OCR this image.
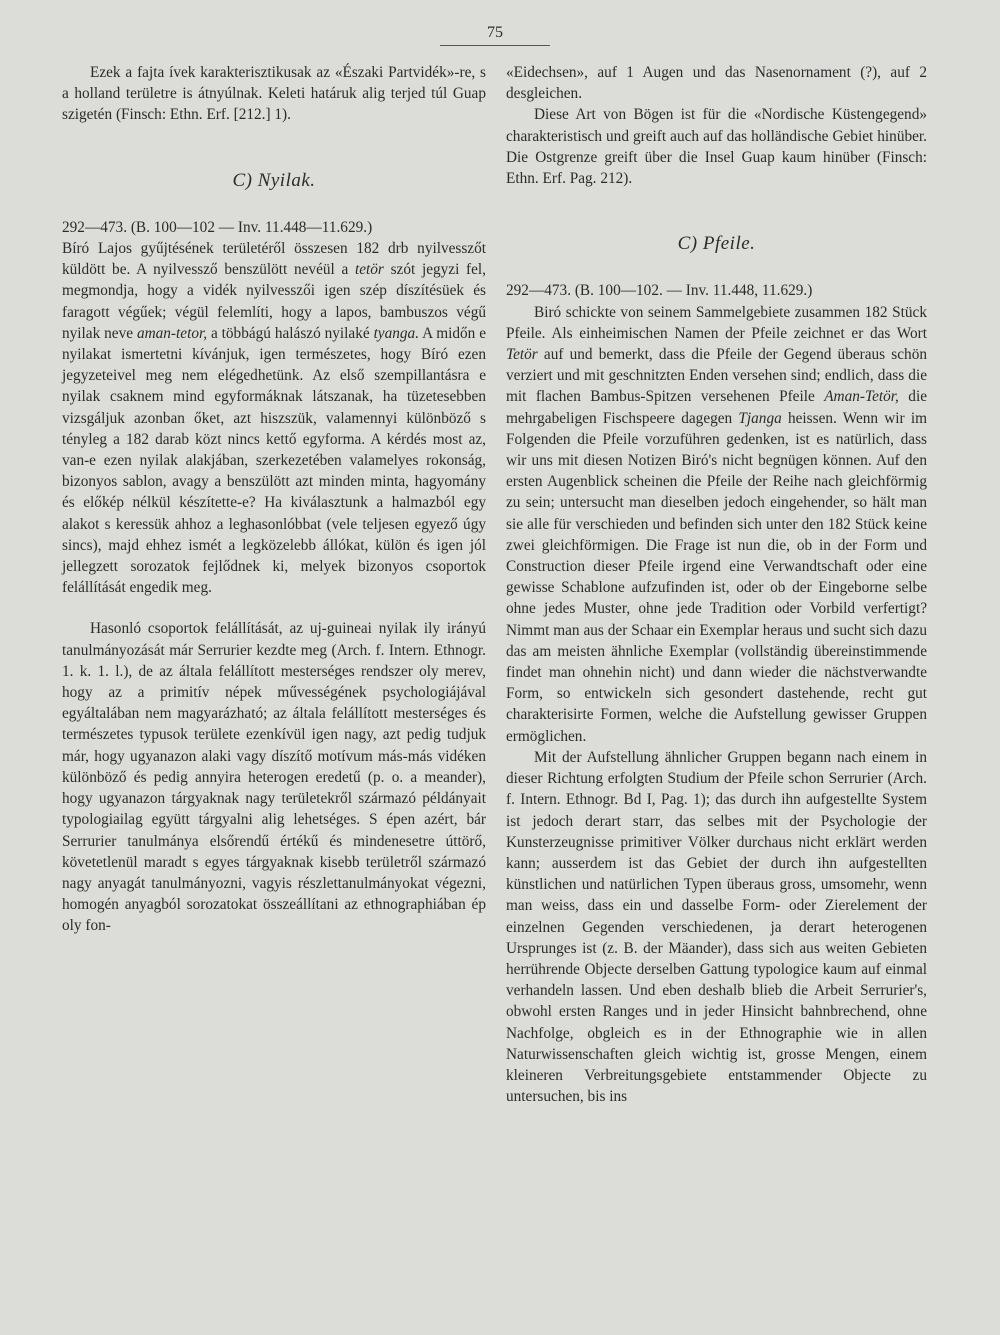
75

Ezek a fajta ívek karakterisztikusak az «Északi Partvidék»-re, s a holland területre is átnyúlnak. Keleti határuk alig terjed túl Guap szigetén (Finsch: Ethn. Erf. [212.] 1).

C) Nyilak.

292—473. (B. 100—102 — Inv. 11.448—11.629.)

Bíró Lajos gyűjtésének területéről összesen 182 drb nyilvesszőt küldött be. A nyilvessző benszülött nevéül a tetör szót jegyzi fel, megmondja, hogy a vidék nyilvesszői igen szép díszítésüek és faragott végűek; végül felemlíti, hogy a lapos, bambuszos végű nyilak neve aman-tetor, a többágú halászó nyilaké tyanga. A midőn e nyilakat ismertetni kívánjuk, igen természetes, hogy Bíró ezen jegyzeteivel meg nem elégedhetünk. Az első szempillantásra e nyilak csaknem mind egyformáknak látszanak, ha tüzetesebben vizsgáljuk azonban őket, azt hiszszük, valamennyi különböző s tényleg a 182 darab közt nincs kettő egyforma. A kérdés most az, van-e ezen nyilak alakjában, szerkezetében valamelyes rokonság, bizonyos sablon, avagy a benszülött azt minden minta, hagyomány és előkép nélkül készítette-e? Ha kiválasztunk a halmazból egy alakot s keressük ahhoz a leghasonlóbbat (vele teljesen egyező úgy sincs), majd ehhez ismét a legközelebb állókat, külön és igen jól jellegzett sorozatok fejlődnek ki, melyek bizonyos csoportok felállítását engedik meg.

Hasonló csoportok felállítását, az uj-guineai nyilak ily irányú tanulmányozását már Serrurier kezdte meg (Arch. f. Intern. Ethnogr. 1. k. 1. l.), de az általa felállított mesterséges rendszer oly merev, hogy az a primitív népek művességének psychologiájával egyáltalában nem magyarázható; az általa felállított mesterséges és természetes typusok területe ezenkívül igen nagy, azt pedig tudjuk már, hogy ugyanazon alaki vagy díszítő motívum más-más vidéken különböző és pedig annyira heterogen eredetű (p. o. a meander), hogy ugyanazon tárgyaknak nagy területekről származó példányait typologiailag együtt tárgyalni alig lehetséges. S épen azért, bár Serrurier tanulmánya elsőrendű értékű és mindenesetre úttörő, követetlenül maradt s egyes tárgyaknak kisebb területről származó nagy anyagát tanulmányozni, vagyis részlettanulmányokat végezni, homogén anyagból sorozatokat összeállítani az ethnographiában ép oly fon-

«Eidechsen», auf 1 Augen und das Nasenornament (?), auf 2 desgleichen.

Diese Art von Bögen ist für die «Nordische Küstengegend» charakteristisch und greift auch auf das holländische Gebiet hinüber. Die Ostgrenze greift über die Insel Guap kaum hinüber (Finsch: Ethn. Erf. Pag. 212).

C) Pfeile.

292—473. (B. 100—102. — Inv. 11.448, 11.629.)

Biró schickte von seinem Sammelgebiete zusammen 182 Stück Pfeile. Als einheimischen Namen der Pfeile zeichnet er das Wort Tetör auf und bemerkt, dass die Pfeile der Gegend überaus schön verziert und mit geschnitzten Enden versehen sind; endlich, dass die mit flachen Bambus-Spitzen versehenen Pfeile Aman-Tetör, die mehrgabeligen Fischspeere dagegen Tjanga heissen. Wenn wir im Folgenden die Pfeile vorzuführen gedenken, ist es natürlich, dass wir uns mit diesen Notizen Biró's nicht begnügen können. Auf den ersten Augenblick scheinen die Pfeile der Reihe nach gleichförmig zu sein; untersucht man dieselben jedoch eingehender, so hält man sie alle für verschieden und befinden sich unter den 182 Stück keine zwei gleichförmigen. Die Frage ist nun die, ob in der Form und Construction dieser Pfeile irgend eine Verwandtschaft oder eine gewisse Schablone aufzufinden ist, oder ob der Eingeborne selbe ohne jedes Muster, ohne jede Tradition oder Vorbild verfertigt? Nimmt man aus der Schaar ein Exemplar heraus und sucht sich dazu das am meisten ähnliche Exemplar (vollständig übereinstimmende findet man ohnehin nicht) und dann wieder die nächstverwandte Form, so entwickeln sich gesondert dastehende, recht gut charakterisirte Formen, welche die Aufstellung gewisser Gruppen ermöglichen.

Mit der Aufstellung ähnlicher Gruppen begann nach einem in dieser Richtung erfolgten Studium der Pfeile schon Serrurier (Arch. f. Intern. Ethnogr. Bd I, Pag. 1); das durch ihn aufgestellte System ist jedoch derart starr, das selbes mit der Psychologie der Kunsterzeugnisse primitiver Völker durchaus nicht erklärt werden kann; ausserdem ist das Gebiet der durch ihn aufgestellten künstlichen und natürlichen Typen überaus gross, umsomehr, wenn man weiss, dass ein und dasselbe Form- oder Zierelement der einzelnen Gegenden verschiedenen, ja derart heterogenen Ursprunges ist (z. B. der Mäander), dass sich aus weiten Gebieten herrührende Objecte derselben Gattung typologice kaum auf einmal verhandeln lassen. Und eben deshalb blieb die Arbeit Serrurier's, obwohl ersten Ranges und in jeder Hinsicht bahnbrechend, ohne Nachfolge, obgleich es in der Ethnographie wie in allen Naturwissenschaften gleich wichtig ist, grosse Mengen, einem kleineren Verbreitungsgebiete entstammender Objecte zu untersuchen, bis ins
